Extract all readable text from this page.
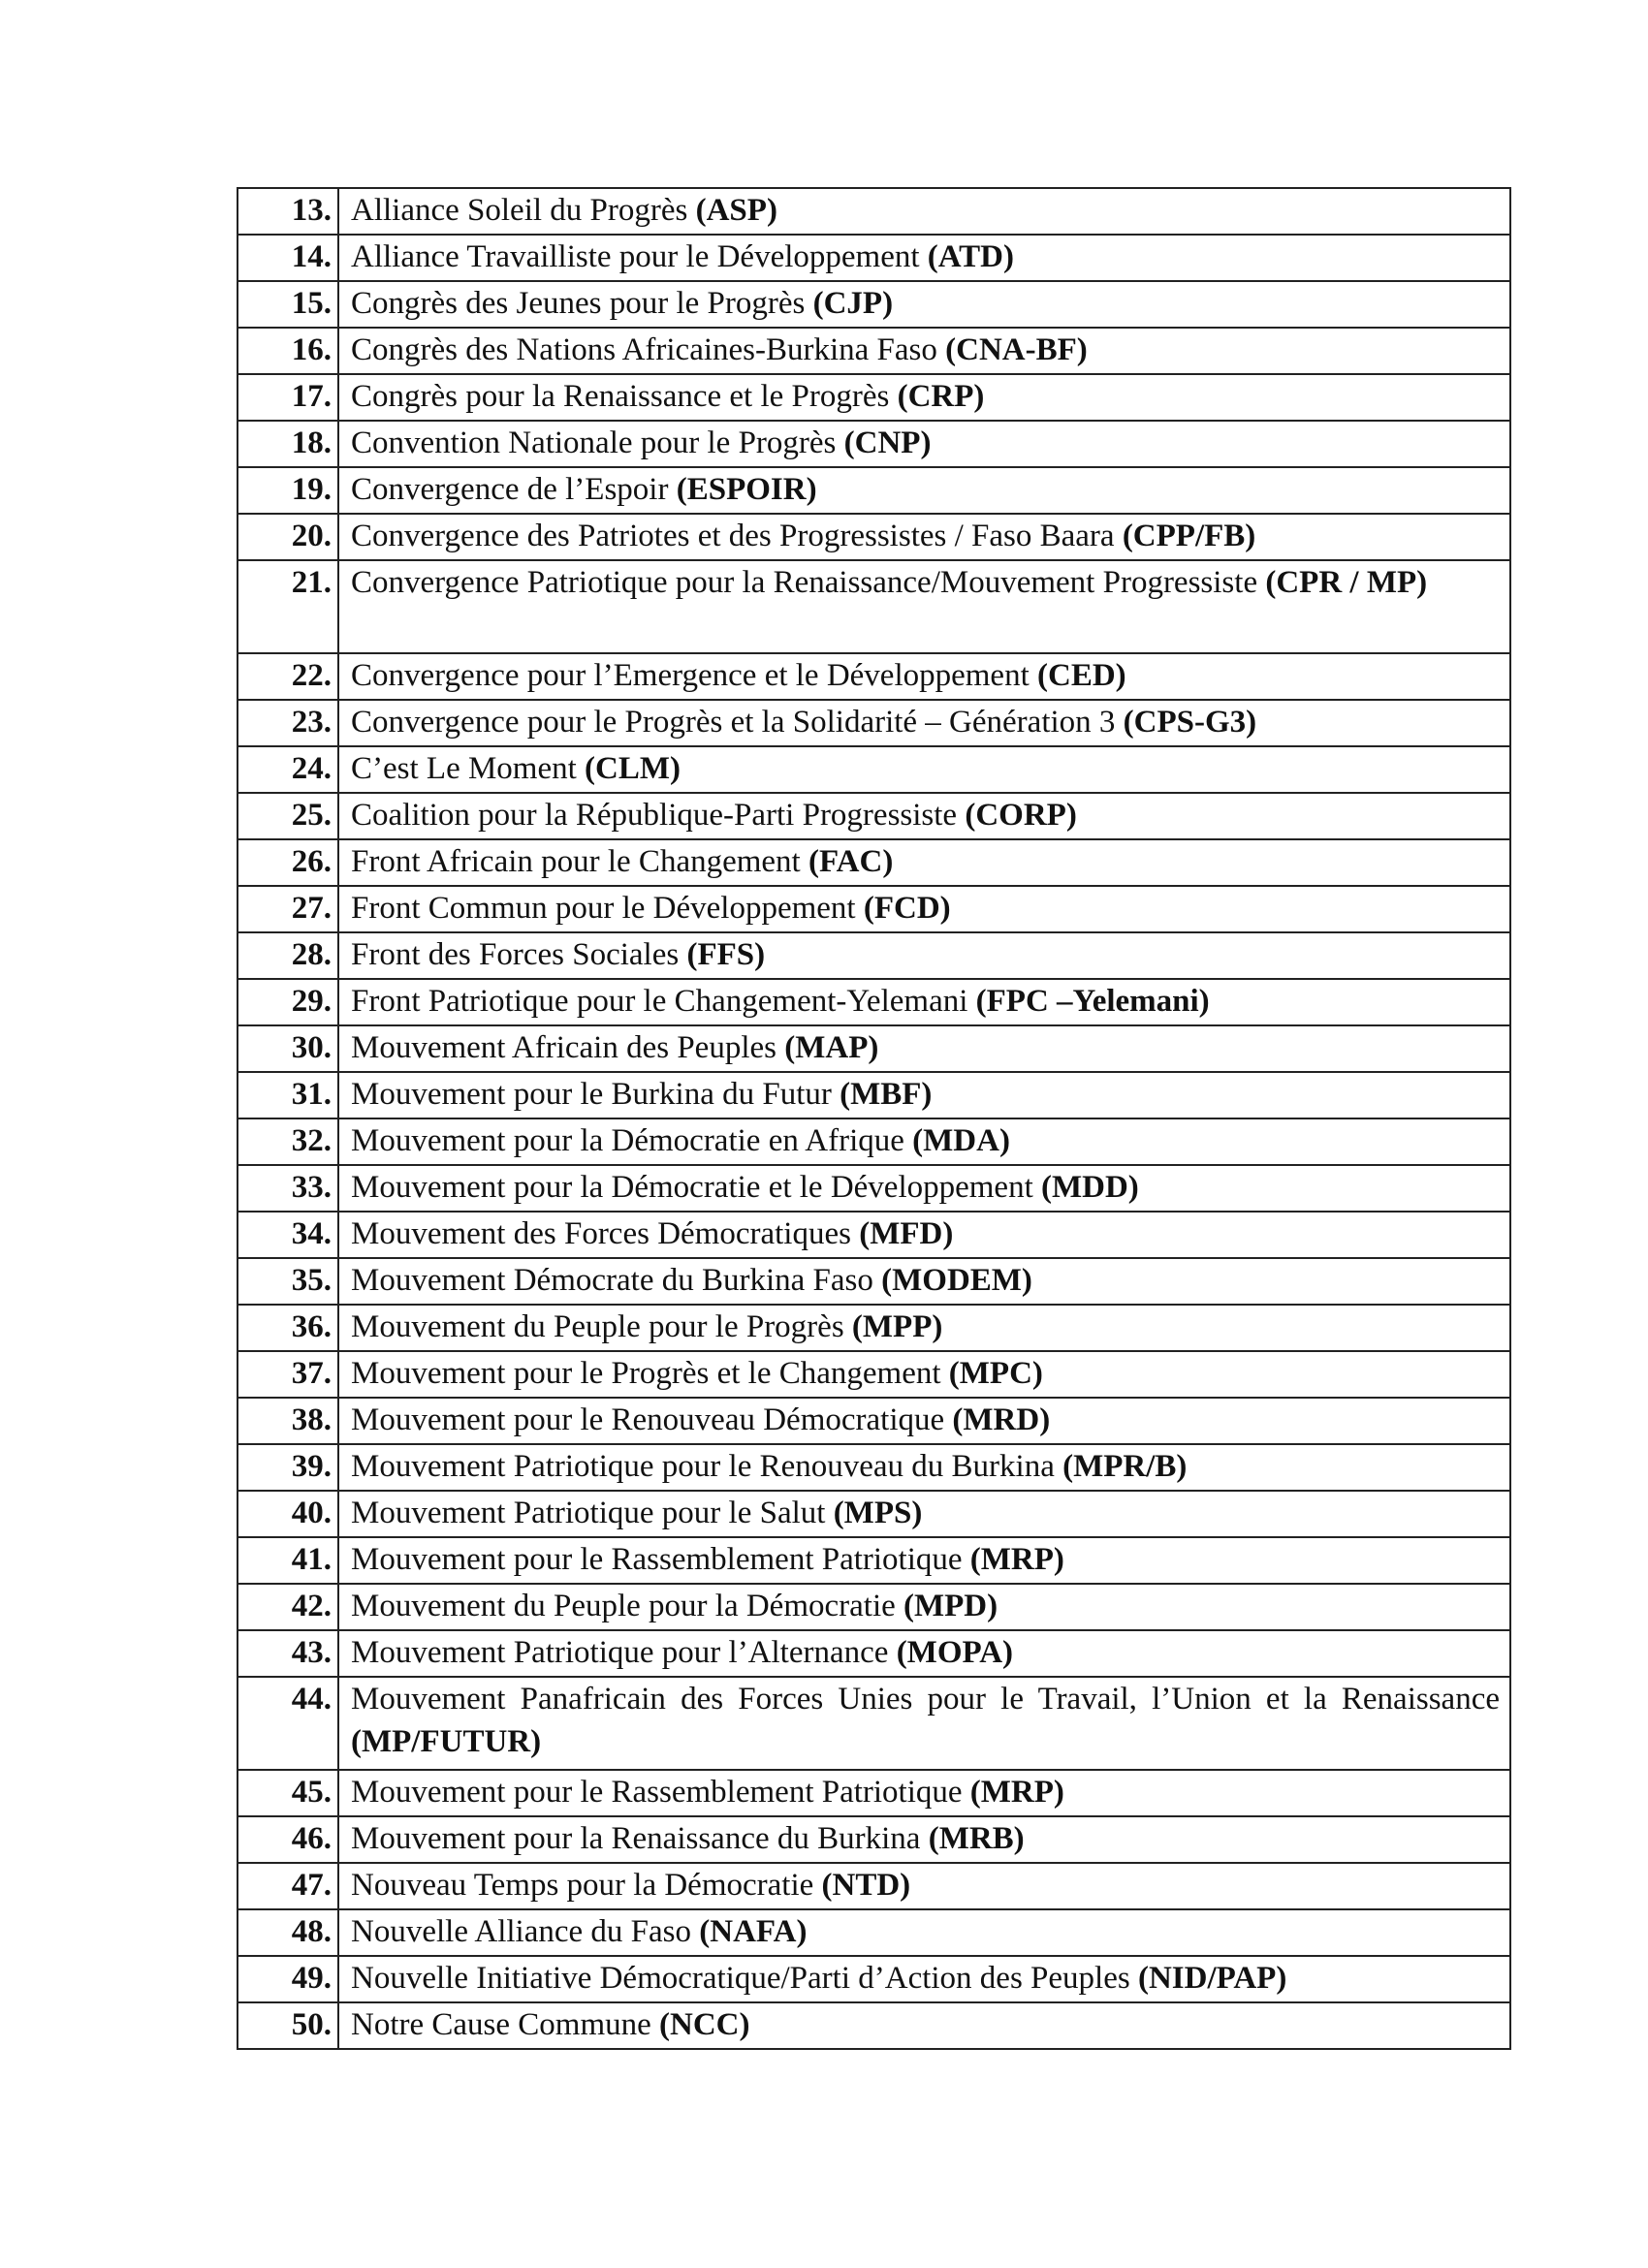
13.	Alliance Soleil du Progrès (ASP)
14.	Alliance Travailliste pour le Développement (ATD)
15.	Congrès des Jeunes pour le Progrès (CJP)
16.	Congrès des Nations Africaines-Burkina Faso (CNA-BF)
17.	Congrès pour la Renaissance et le Progrès (CRP)
18.	Convention Nationale pour le Progrès (CNP)
19.	Convergence de l’Espoir (ESPOIR)
20.	Convergence des Patriotes et des Progressistes / Faso Baara (CPP/FB)
21.	Convergence Patriotique pour la Renaissance/Mouvement Progressiste (CPR / MP)
22.	Convergence pour l’Emergence et le Développement (CED)
23.	Convergence pour le Progrès et la Solidarité – Génération 3 (CPS-G3)
24.	C’est Le Moment (CLM)
25.	Coalition pour la République-Parti Progressiste (CORP)
26.	Front Africain pour le Changement (FAC)
27.	Front Commun pour le Développement (FCD)
28.	Front des Forces Sociales (FFS)
29.	Front Patriotique pour le Changement-Yelemani (FPC –Yelemani)
30.	Mouvement Africain des Peuples (MAP)
31.	Mouvement pour le Burkina du Futur (MBF)
32.	Mouvement pour la Démocratie en Afrique (MDA)
33.	Mouvement pour la Démocratie et le Développement (MDD)
34.	Mouvement des Forces Démocratiques (MFD)
35.	Mouvement Démocrate du Burkina Faso (MODEM)
36.	Mouvement du Peuple pour le Progrès (MPP)
37.	Mouvement pour le Progrès et le Changement (MPC)
38.	Mouvement pour le Renouveau Démocratique (MRD)
39.	Mouvement Patriotique pour le Renouveau du Burkina (MPR/B)
40.	Mouvement Patriotique pour le Salut (MPS)
41.	Mouvement pour le Rassemblement Patriotique (MRP)
42.	Mouvement du Peuple pour la Démocratie (MPD)
43.	Mouvement Patriotique pour l’Alternance (MOPA)
44.	Mouvement Panafricain des Forces Unies pour le Travail, l’Union et la Renaissance (MP/FUTUR)
45.	Mouvement pour le Rassemblement Patriotique (MRP)
46.	Mouvement pour la Renaissance du Burkina (MRB)
47.	Nouveau Temps pour la Démocratie (NTD)
48.	Nouvelle Alliance du Faso (NAFA)
49.	Nouvelle Initiative Démocratique/Parti d’Action des Peuples (NID/PAP)
50.	Notre Cause Commune (NCC)
